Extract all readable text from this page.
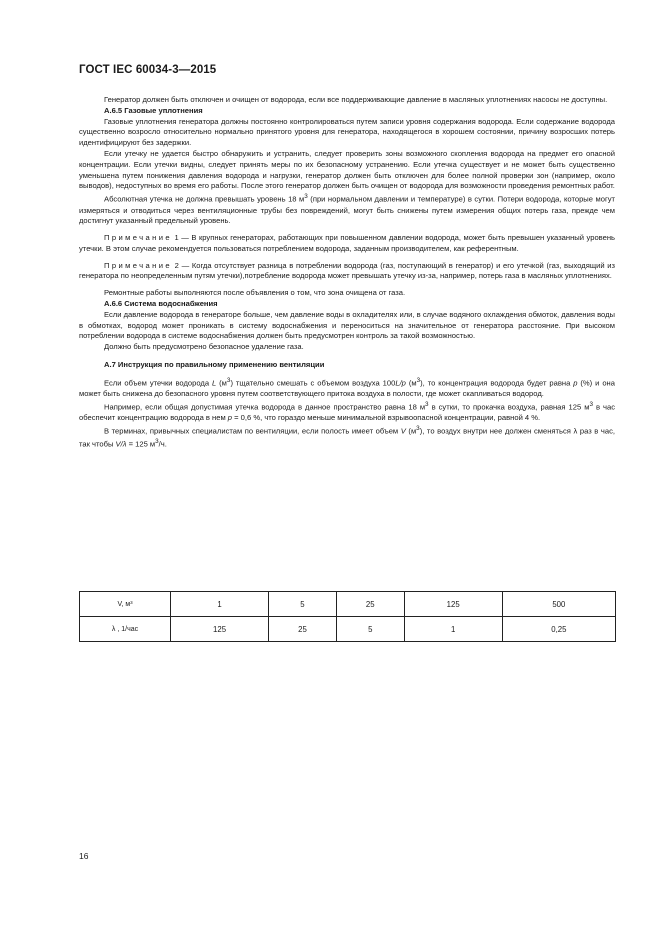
ГОСТ IEC 60034-3—2015

Генератор должен быть отключен и очищен от водорода, если все поддерживающие давление в масляных уплотнениях насосы не доступны.

А.6.5 Газовые уплотнения

Газовые уплотнения генератора должны постоянно контролироваться путем записи уровня содержания водорода. Если содержание водорода существенно возросло относительно нормально принятого уровня для генератора, находящегося в хорошем состоянии, причину возросших потерь идентифицируют без задержки.

Если утечку не удается быстро обнаружить и устранить, следует проверить зоны возможного скопления водорода на предмет его опасной концентрации. Если утечки видны, следует принять меры по их безопасному устранению. Если утечка существует и не может быть существенно уменьшена путем понижения давления водорода и нагрузки, генератор должен быть отключен для более полной проверки зон (например, около выводов), недоступных во время его работы. После этого генератор должен быть очищен от водорода для возможности проведения ремонтных работ.

Абсолютная утечка не должна превышать уровень 18 $м^3$ (при нормальном давлении и температуре) в сутки. Потери водорода, которые могут измеряться и отводиться через вентиляционные трубы без повреждений, могут быть снижены путем измерения общих потерь газа, прежде чем достигнут указанный предельный уровень.

Примечание 1 — В крупных генераторах, работающих при повышенном давлении водорода, может быть превышен указанный уровень утечки. В этом случае рекомендуется пользоваться потреблением водорода, заданным производителем, как референтным.

Примечание 2 — Когда отсутствует разница в потреблении водорода (газ, поступающий в генератор) и его утечкой (газ, выходящий из генератора по неопределенным путям утечки),потребление водорода может превышать утечку из-за, например, потерь газа в масляных уплотнениях.

Ремонтные работы выполняются после объявления о том, что зона очищена от газа.

А.6.6 Система водоснабжения

Если давление водорода в генераторе больше, чем давление воды в охладителях или, в случае водяного охлаждения обмоток, давления воды в обмотках, водород может проникать в систему водоснабжения и переноситься на значительное от генератора расстояние. При высоком потреблении водорода в системе водоснабжения должен быть предусмотрен контроль за такой возможностью.

Должно быть предусмотрено безопасное удаление газа.

А.7 Инструкция по правильному применению вентиляции

Если объем утечки водорода L $(м^3)$ тщательно смешать с объемом воздуха 100L/p $(м^3)$, то концентрация водорода будет равна p (%) и она может быть снижена до безопасного уровня путем соответствующего притока воздуха в полости, где может скапливаться водород.

Например, если общая допустимая утечка водорода в данное пространство равна 18 $м^3$ в сутки, то прокачка воздуха, равная 125 $м^3$ в час обеспечит концентрацию водорода в нем p = 0,6 %, что гораздо меньше минимальной взрывоопасной концентрации, равной 4 %.

В терминах, привычных специалистам по вентиляции, если полость имеет объем V $(м^3)$, то воздух внутри нее должен сменяться λ раз в час, так чтобы V/λ = 125 $м^3/ч$.

V, м³	1	5	25	125	500
λ , 1/час	125	25	5	1	0,25
16
